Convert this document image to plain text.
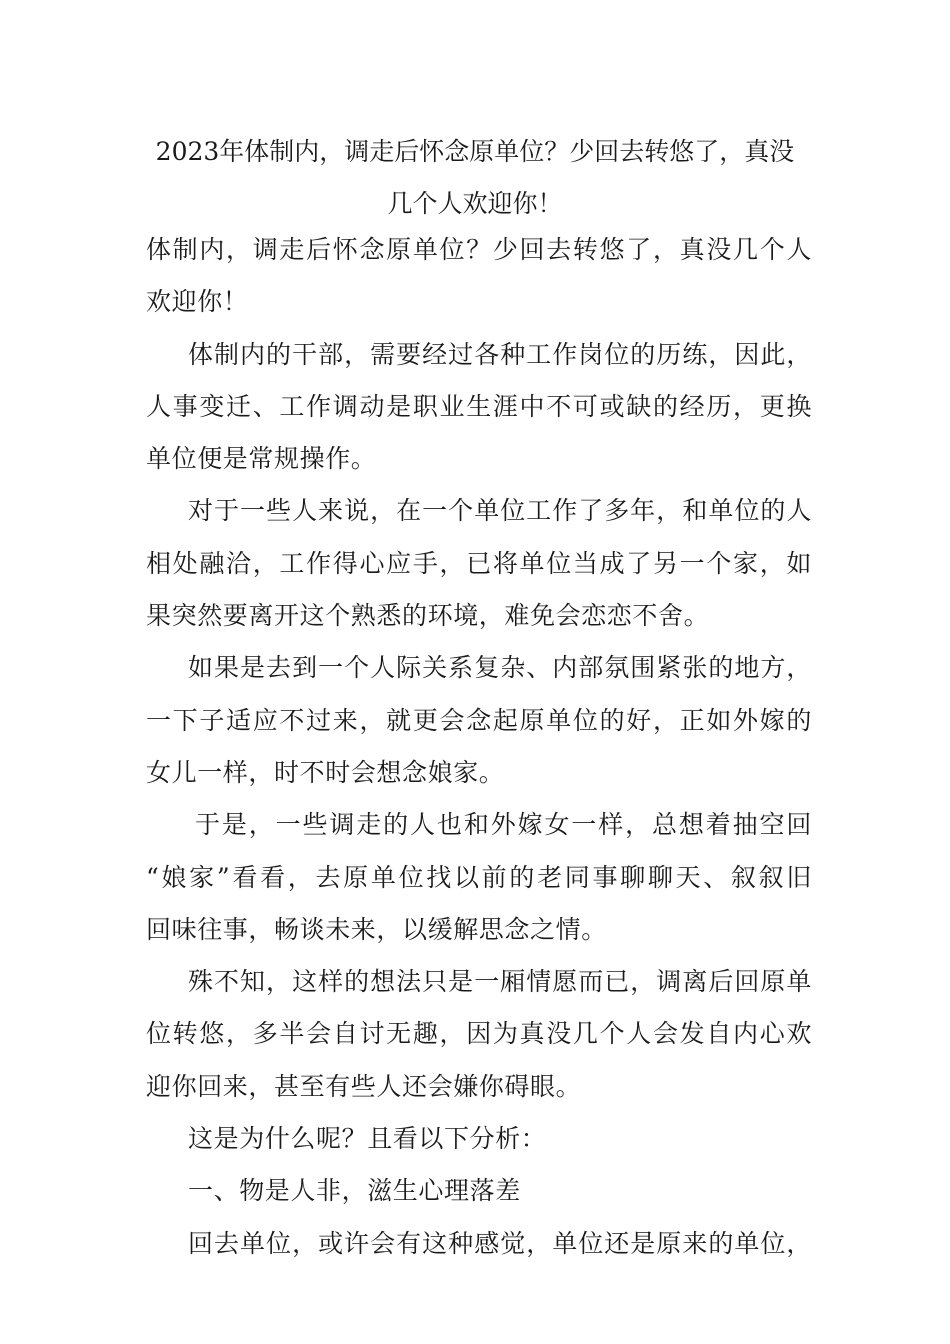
2023年体制内，调走后怀念原单位？少回去转悠了，真没
几个人欢迎你！
体制内，调走后怀念原单位？少回去转悠了，真没几个人
欢迎你！
体制内的干部，需要经过各种工作岗位的历练，因此，
人事变迁、工作调动是职业生涯中不可或缺的经历，更换
单位便是常规操作。
对于一些人来说，在一个单位工作了多年，和单位的人
相处融洽，工作得心应手，已将单位当成了另一个家，如
果突然要离开这个熟悉的环境，难免会恋恋不舍。
如果是去到一个人际关系复杂、内部氛围紧张的地方，
一下子适应不过来，就更会念起原单位的好，正如外嫁的
女儿一样，时不时会想念娘家。
于是，一些调走的人也和外嫁女一样，总想着抽空回
“娘家”看看，去原单位找以前的老同事聊聊天、叙叙旧
回味往事，畅谈未来，以缓解思念之情。
殊不知，这样的想法只是一厢情愿而已，调离后回原单
位转悠，多半会自讨无趣，因为真没几个人会发自内心欢
迎你回来，甚至有些人还会嫌你碍眼。
这是为什么呢？且看以下分析：
一、物是人非，滋生心理落差
回去单位，或许会有这种感觉，单位还是原来的单位，
